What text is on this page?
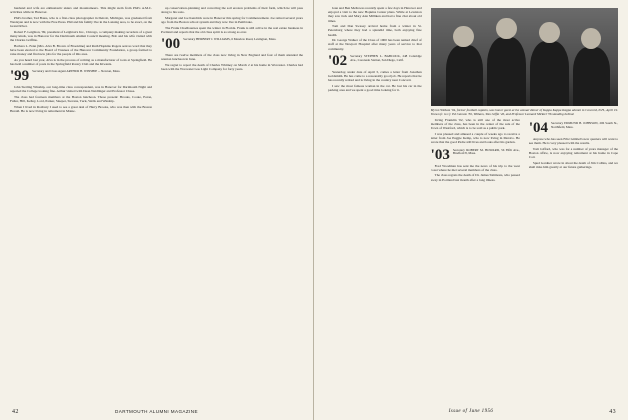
husband and wife are enthusiastic skiers and mountaineers. This might stem from Phil's A.M.C. activities while in Hanover.

Phil's brother, Ted Bates, who is a first-class photographer in Detroit, Michigan, was graduated from Wesleyan and is now with the Free Press. Phil and his family live in the Lansing area, to be exact, on the Grand River.

Robert F. Leighton, '99, president of Leighton's Inc., Chicago, a company making recorders of a great many kinds, was in Hanover for the Dartmouth Alumni Council meeting. Bob and his wife visited with the Charles Griffins.

Barbara L. Fenn (Mrs. Alva B. Brown of Brookline) and Ruth Hopkins Rogers sent us word that they have been elected to the Board of Trustees of the Hanover Community Foundation, a group formed to raise money and find new jobs for the people of this area.

As you heard last year, Alva is in the process of retiring as a manufacturer of tools at Springfield. He has held a number of posts in the Springfield Rotary Club and the Kiwanis.

'99 Secretary and Class Agent ARTHUR H. WINSHIP ... Newton, Mass.

John Sterling Winship, our long-time class correspondent, was in Hanover for Dartmouth Night and reported the College looking fine. Arthur visited with Dean Neidlinger and Professor Chase.

The class had fourteen members at the Boston luncheon. Those present: Brooks, Cooke, Eaton, Fuller, Hill, Kelley, Lord, Parker, Sleeper, Stevens, Tuck, Wells and Winship.

When I lived in Roxbury I used to see a great deal of Harry Brooks, who was then with the Boston Herald. He is now living in retirement in Maine.

up conservation-planning and correcting the soil erosion problems of their farm, which he will pass along to his sons.

Margaret and Joe Kendrick were in Hanover this spring for Commencement. Joe retired several years ago from the Boston school system and they now live in Pembroke.

The Frank Chadbournes spent the winter in Florida. Frank is still active in the real estate business in Portland and reports that the old class spirit is as strong as ever.

'00 Secretary HERBERT J. WILLIAMS, 6 Meadow Road, Lexington, Mass.

There are twelve members of the class now living in New England and four of them attended the reunion luncheon in June.

We regret to report the death of Charles Whitney on March 2 at his home in Worcester. Charles had been with the Worcester Gas Light Company for forty years.

42	DARTMOUTH ALUMNI MAGAZINE

Jean and Ben Mellowes recently spent a few days in Hanover and enjoyed a visit to the new Hopkins Center plans. While at Lewiston they saw Jack and Mary Ann Milliken and had a fine chat about old times.

Tom and Dan Swasey arrived home from a winter in St. Petersburg where they had a splendid time, both enjoying fine health.

Dr. George Walker of the Class of 1900 has been named chief of staff at the Newport Hospital after many years of service to that community.

'02 Secretary STEPHEN L. BABCOCK, 248 Coleridge Ave., Coronado Station, San Diego, Calif.

Yesterday, under date of April 3, comes a letter from Jonathan Goldsmith. He has come to a reasonably good job. He reports that he has recently retired and is living in the country near Concord.

I saw the most famous woman in the car. He lost his car in the parking area and we spent a good time looking for it.

Myron Witham '04, former football captain, was honor guest at the annual dinner of Kappa Kappa Kappa alumni in Concord, N.H., April 19. Shown (l. to r.): Ed Cannon '36, Witham, Tom Giffin '26, and Professor Leonard Mirkiel '36 standing behind.

Irving Franklin '02, who is still one of the most active members of the class, has been in the center of the sale of the Town of Westford, which is to be sold as a public park.

I was pleased and amused a couple of weeks ago to receive a letter from Joe Puggie Kemp, who is now living in Mexico. He wrote that the good Padre still lives and looks after his garden.

'03 Secretary ROBERT M. HOWARD, 56 Fifth Ave., Bradford 8, Mass.

Fred Woodman has sent me the news of his trip to the west coast where he met several members of the class.

The class regrets the death of Dr. James Simmons, who passed away in Portland last month after a long illness.

'04 Secretary EDMUND B. JOHNSON, 206 South St., Northfield, Mass.

Anyone who has seen Fritz Gimbel's new quarters will want to see them. He is very pleased with the results.

Tom Gifford, who was for a number of years manager of the Boston office, is now enjoying retirement at his home in Cape Cod.

Spud Gardner wrote in about the death of Jim Collins, and we shall miss him greatly at our future gatherings.

Issue of June 1956	43
